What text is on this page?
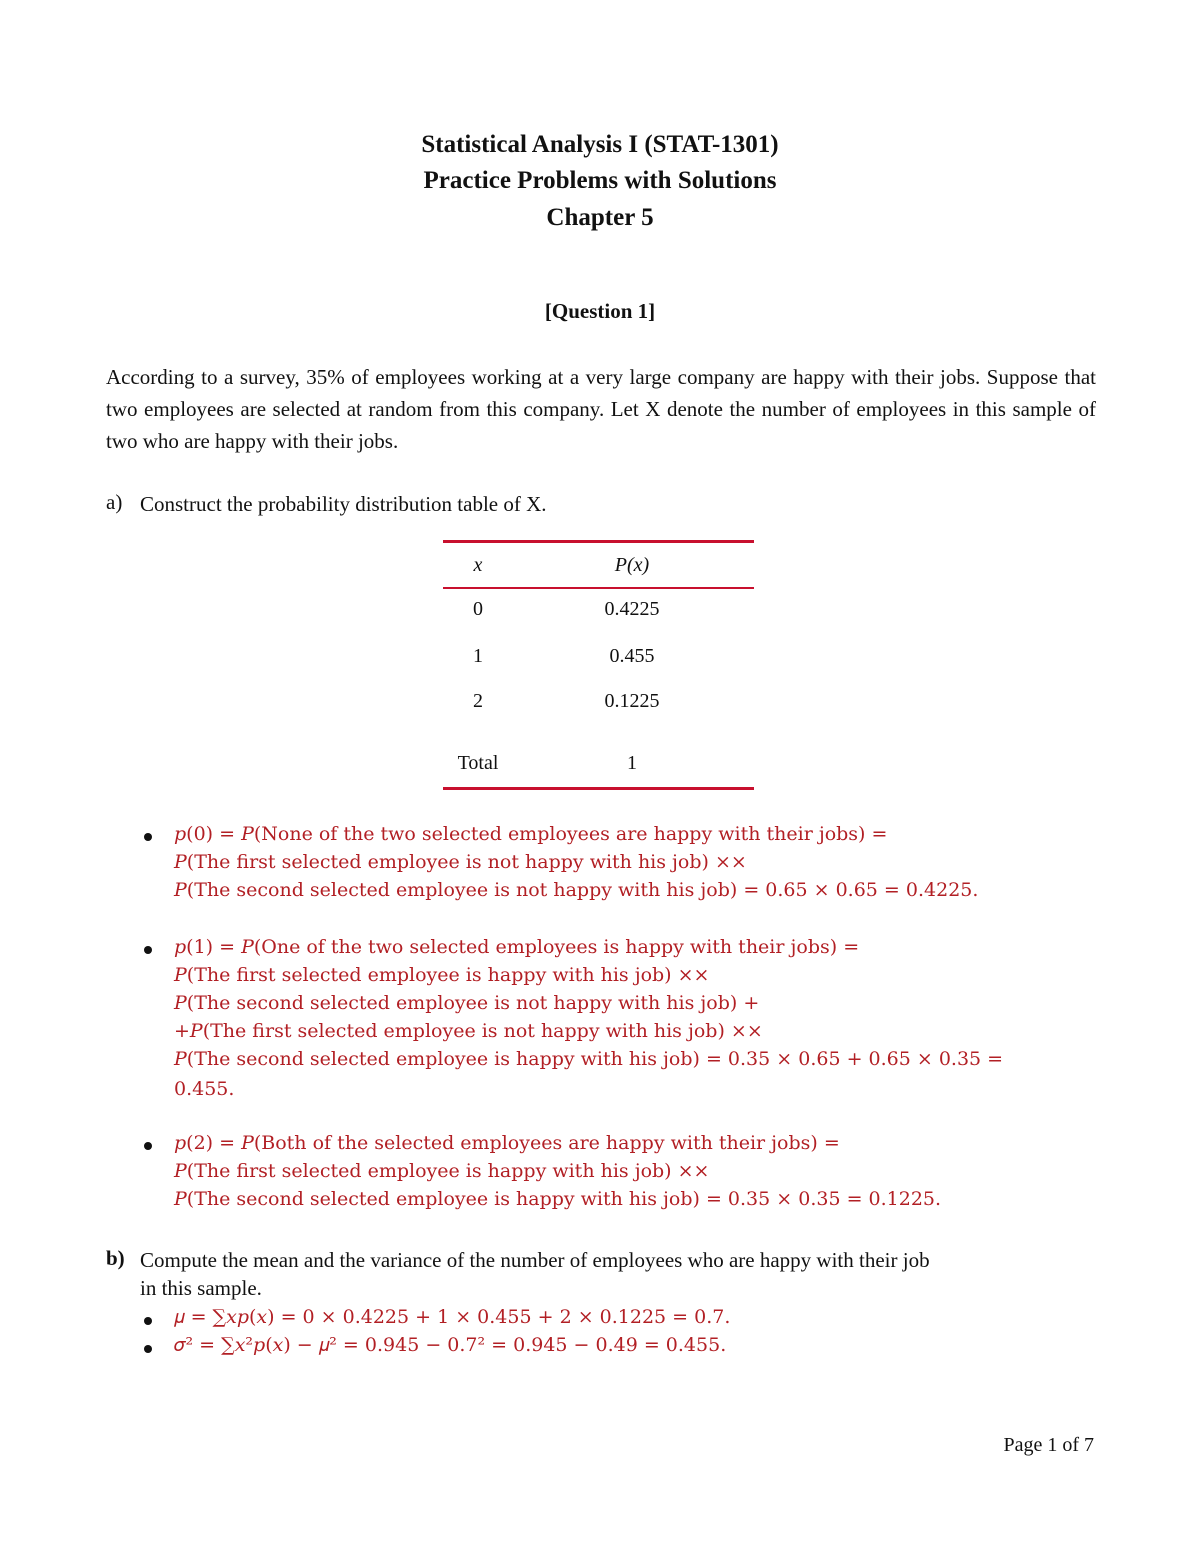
Statistical Analysis I (STAT-1301)
Practice Problems with Solutions
Chapter 5
[Question 1]
According to a survey, 35% of employees working at a very large company are happy with their jobs. Suppose that two employees are selected at random from this company. Let X denote the number of employees in this sample of two who are happy with their jobs.
a) Construct the probability distribution table of X.
x	P(x)
0	0.4225
1	0.455
2	0.1225
Total	1
𝑝(0) = 𝑃(None of the two selected employees are happy with their jobs) =
𝑃(The first selected employee is not happy with his job) ××
𝑃(The second selected employee is not happy with his job) = 0.65 × 0.65 = 0.4225.
𝑝(1) = 𝑃(One of the two selected employees is happy with their jobs) =
𝑃(The first selected employee is happy with his job) ××
𝑃(The second selected employee is not happy with his job) +
+𝑃(The first selected employee is not happy with his job) ××
𝑃(The second selected employee is happy with his job) = 0.35 × 0.65 + 0.65 × 0.35 =
0.455.
𝑝(2) = 𝑃(Both of the selected employees are happy with their jobs) =
𝑃(The first selected employee is happy with his job) ××
𝑃(The second selected employee is happy with his job) = 0.35 × 0.35 = 0.1225.
b) Compute the mean and the variance of the number of employees who are happy with their job
in this sample.
𝜇 = ∑𝑥𝑝(𝑥) = 0 × 0.4225 + 1 × 0.455 + 2 × 0.1225 = 0.7.
𝜎² = ∑𝑥²𝑝(𝑥) − 𝜇² = 0.945 − 0.7² = 0.945 − 0.49 = 0.455.
Page 1 of 7
